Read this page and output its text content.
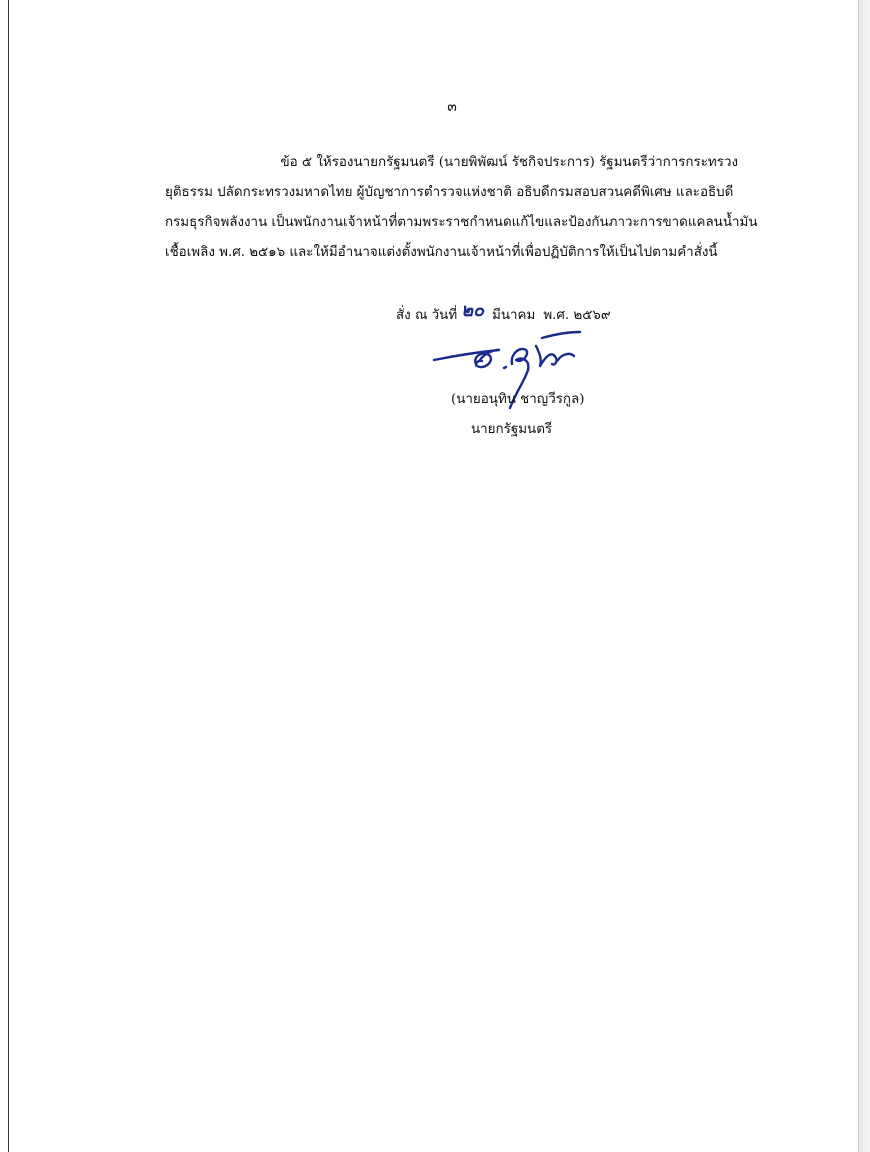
๓
ข้อ ๕ ให้รองนายกรัฐมนตรี (นายพิพัฒน์ รัชกิจประการ) รัฐมนตรีว่าการกระทรวง
ยุติธรรม ปลัดกระทรวงมหาดไทย ผู้บัญชาการตำรวจแห่งชาติ อธิบดีกรมสอบสวนคดีพิเศษ และอธิบดี
กรมธุรกิจพลังงาน เป็นพนักงานเจ้าหน้าที่ตามพระราชกำหนดแก้ไขและป้องกันภาวะการขาดแคลนน้ำมัน
เชื้อเพลิง พ.ศ. ๒๕๑๖ และให้มีอำนาจแต่งตั้งพนักงานเจ้าหน้าที่เพื่อปฏิบัติการให้เป็นไปตามคำสั่งนี้
สั่ง ณ วันที่ ๒๐ มีนาคม พ.ศ. ๒๕๖๙
(นายอนุทิน ชาญวีรกูล)
นายกรัฐมนตรี
